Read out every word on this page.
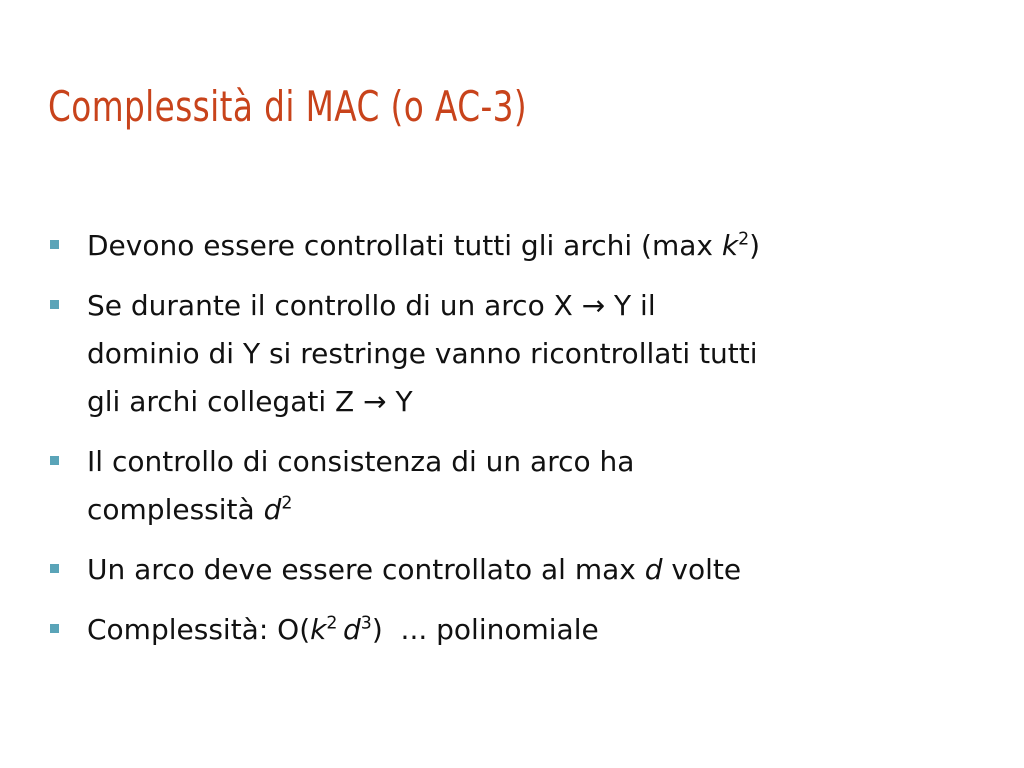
Complessità di MAC (o AC-3)
Devono essere controllati tutti gli archi (max $k^2$)
Se durante il controllo di un arco X → Y il
dominio di Y si restringe vanno ricontrollati tutti
gli archi collegati Z → Y
Il controllo di consistenza di un arco ha
complessità $d^2$
Un arco deve essere controllato al max d volte
Complessità: $O(k^2$  $d^3$)  ... polinomiale
